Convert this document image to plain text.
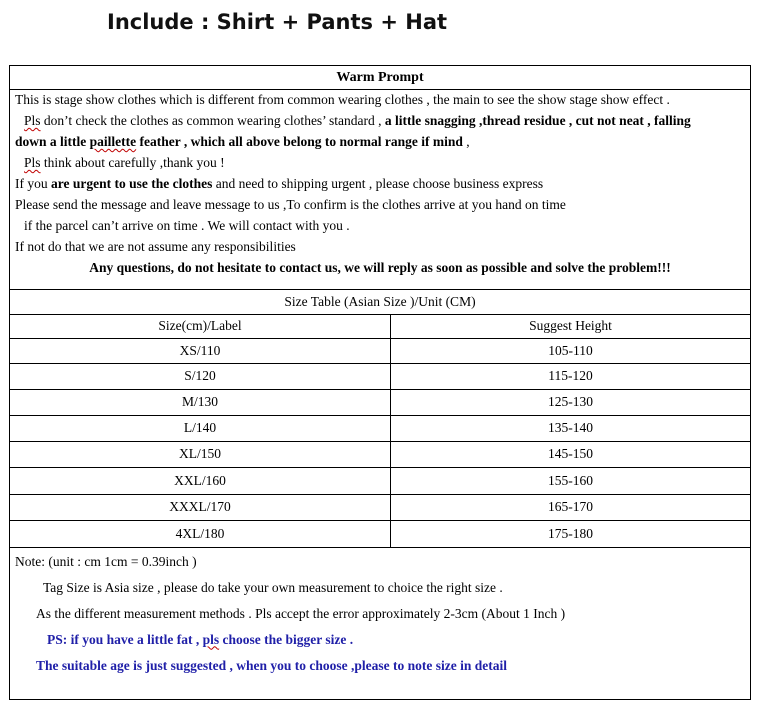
Include : Shirt + Pants + Hat
Warm Prompt
This is stage show clothes which is different from common wearing clothes , the main to see the show stage show effect .
Pls don’t check the clothes as common wearing clothes’ standard , a little snagging ,thread residue , cut not neat , falling
down a little paillette feather , which all above belong to normal range if mind ,
Pls think about carefully ,thank you !
If you are urgent to use the clothes and need to shipping urgent , please choose business express
Please send the message and leave message to us ,To confirm is the clothes arrive at you hand on time
if the parcel can’t arrive on time . We will contact with you .
If not do that we are not assume any responsibilities
Any questions, do not hesitate to contact us, we will reply as soon as possible and solve the problem!!!
Size Table (Asian Size )/Unit (CM)	
Size(cm)/Label	Suggest Height
XS/110	105-110
S/120	115-120
M/130	125-130
L/140	135-140
XL/150	145-150
XXL/160	155-160
XXXL/170	165-170
4XL/180	175-180
Note: (unit : cm 1cm = 0.39inch )
Tag Size is Asia size , please do take your own measurement to choice the right size .
As the different measurement methods . Pls accept the error approximately 2-3cm (About 1 Inch )
PS: if you have a little fat , pls choose the bigger size .
The suitable age is just suggested , when you to choose ,please to note size in detail
